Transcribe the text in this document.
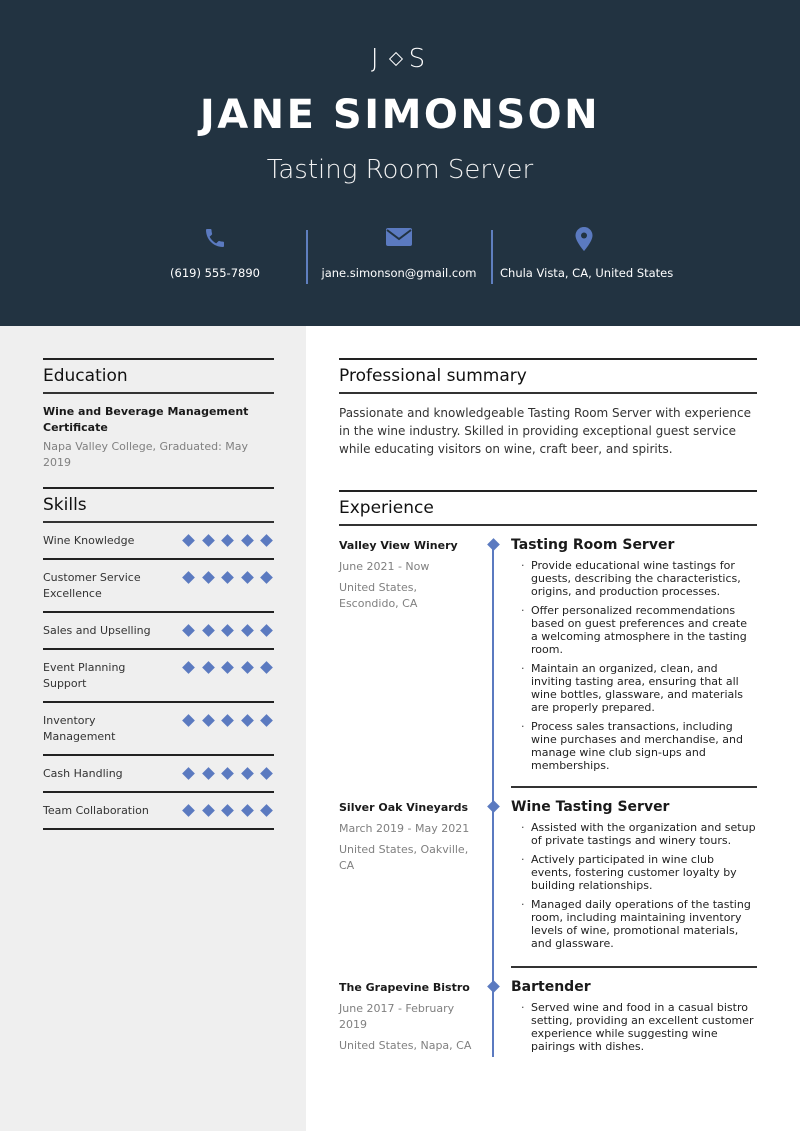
J S
JANE SIMONSON
Tasting Room Server
(619) 555-7890	jane.simonson@gmail.com Chula Vista, CA, United States
Education
Wine and Beverage Management Certificate
Napa Valley College, Graduated: May 2019
Skills
Wine Knowledge
Customer Service Excellence
Sales and Upselling
Event Planning Support
Inventory Management
Cash Handling
Team Collaboration
Professional summary
Passionate and knowledgeable Tasting Room Server with experience in the wine industry. Skilled in providing exceptional guest service while educating visitors on wine, craft beer, and spirits.
Experience
Valley View Winery
June 2021 - Now
United States, Escondido, CA
Tasting Room Server
· Provide educational wine tastings for guests, describing the characteristics, origins, and production processes.
· Offer personalized recommendations based on guest preferences and create a welcoming atmosphere in the tasting room.
· Maintain an organized, clean, and inviting tasting area, ensuring that all wine bottles, glassware, and materials are properly prepared.
· Process sales transactions, including wine purchases and merchandise, and manage wine club sign-ups and memberships.
Silver Oak Vineyards
March 2019 - May 2021
United States, Oakville, CA
Wine Tasting Server
· Assisted with the organization and setup of private tastings and winery tours.
· Actively participated in wine club events, fostering customer loyalty by building relationships.
· Managed daily operations of the tasting room, including maintaining inventory levels of wine, promotional materials, and glassware.
The Grapevine Bistro
June 2017 - February 2019
United States, Napa, CA
Bartender
· Served wine and food in a casual bistro setting, providing an excellent customer experience while suggesting wine pairings with dishes.
